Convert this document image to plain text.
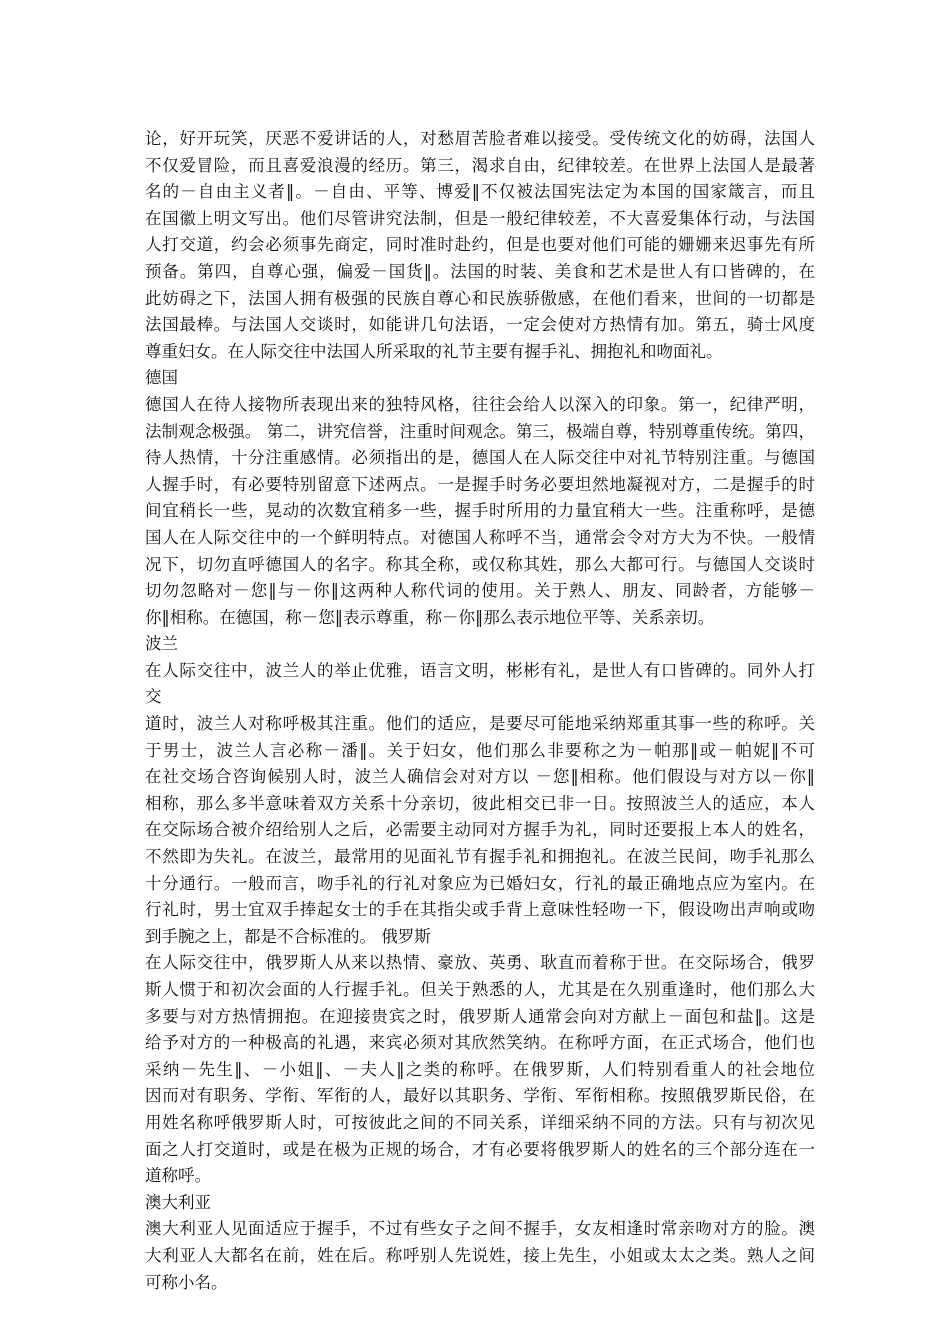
论，好开玩笑，厌恶不爱讲话的人，对愁眉苦脸者难以接受。受传统文化的妨碍，法国人
不仅爱冒险，而且喜爱浪漫的经历。第三，渴求自由，纪律较差。在世界上法国人是最著
名的－自由主义者‖。－自由、平等、博爱‖不仅被法国宪法定为本国的国家箴言，而且
在国徽上明文写出。他们尽管讲究法制，但是一般纪律较差，不大喜爱集体行动，与法国
人打交道，约会必须事先商定，同时准时赴约，但是也要对他们可能的姗姗来迟事先有所
预备。第四，自尊心强，偏爱－国货‖。法国的时装、美食和艺术是世人有口皆碑的，在
此妨碍之下，法国人拥有极强的民族自尊心和民族骄傲感，在他们看来，世间的一切都是
法国最棒。与法国人交谈时，如能讲几句法语，一定会使对方热情有加。第五，骑士风度
尊重妇女。在人际交往中法国人所采取的礼节主要有握手礼、拥抱礼和吻面礼。
德国
德国人在待人接物所表现出来的独特风格，往往会给人以深入的印象。第一，纪律严明，
法制观念极强。 第二，讲究信誉，注重时间观念。第三，极端自尊，特别尊重传统。第四，
待人热情，十分注重感情。必须指出的是，德国人在人际交往中对礼节特别注重。与德国
人握手时，有必要特别留意下述两点。一是握手时务必要坦然地凝视对方，二是握手的时
间宜稍长一些，晃动的次数宜稍多一些，握手时所用的力量宜稍大一些。注重称呼，是德
国人在人际交往中的一个鲜明特点。对德国人称呼不当，通常会令对方大为不快。一般情
况下，切勿直呼德国人的名字。称其全称，或仅称其姓，那么大都可行。与德国人交谈时
切勿忽略对－您‖与－你‖这两种人称代词的使用。关于熟人、朋友、同龄者，方能够－
你‖相称。在德国，称－您‖表示尊重，称－你‖那么表示地位平等、关系亲切。
波兰
在人际交往中，波兰人的举止优雅，语言文明，彬彬有礼，是世人有口皆碑的。同外人打
交
道时，波兰人对称呼极其注重。他们的适应，是要尽可能地采纳郑重其事一些的称呼。关
于男士，波兰人言必称－潘‖。关于妇女，他们那么非要称之为－帕那‖或－帕妮‖不可
在社交场合咨询候别人时，波兰人确信会对对方以 －您‖相称。他们假设与对方以－你‖
相称，那么多半意味着双方关系十分亲切，彼此相交已非一日。按照波兰人的适应，本人
在交际场合被介绍给别人之后，必需要主动同对方握手为礼，同时还要报上本人的姓名，
不然即为失礼。在波兰，最常用的见面礼节有握手礼和拥抱礼。在波兰民间，吻手礼那么
十分通行。一般而言，吻手礼的行礼对象应为已婚妇女，行礼的最正确地点应为室内。在
行礼时，男士宜双手捧起女士的手在其指尖或手背上意味性轻吻一下，假设吻出声响或吻
到手腕之上，都是不合标准的。 俄罗斯
在人际交往中，俄罗斯人从来以热情、豪放、英勇、耿直而着称于世。在交际场合，俄罗
斯人惯于和初次会面的人行握手礼。但关于熟悉的人，尤其是在久别重逢时，他们那么大
多要与对方热情拥抱。在迎接贵宾之时，俄罗斯人通常会向对方献上－面包和盐‖。这是
给予对方的一种极高的礼遇，来宾必须对其欣然笑纳。在称呼方面，在正式场合，他们也
采纳－先生‖、－小姐‖、－夫人‖之类的称呼。在俄罗斯，人们特别看重人的社会地位
因而对有职务、学衔、军衔的人，最好以其职务、学衔、军衔相称。按照俄罗斯民俗，在
用姓名称呼俄罗斯人时，可按彼此之间的不同关系，详细采纳不同的方法。只有与初次见
面之人打交道时，或是在极为正规的场合，才有必要将俄罗斯人的姓名的三个部分连在一
道称呼。
澳大利亚
澳大利亚人见面适应于握手，不过有些女子之间不握手，女友相逢时常亲吻对方的脸。澳
大利亚人大都名在前，姓在后。称呼别人先说姓，接上先生，小姐或太太之类。熟人之间
可称小名。
